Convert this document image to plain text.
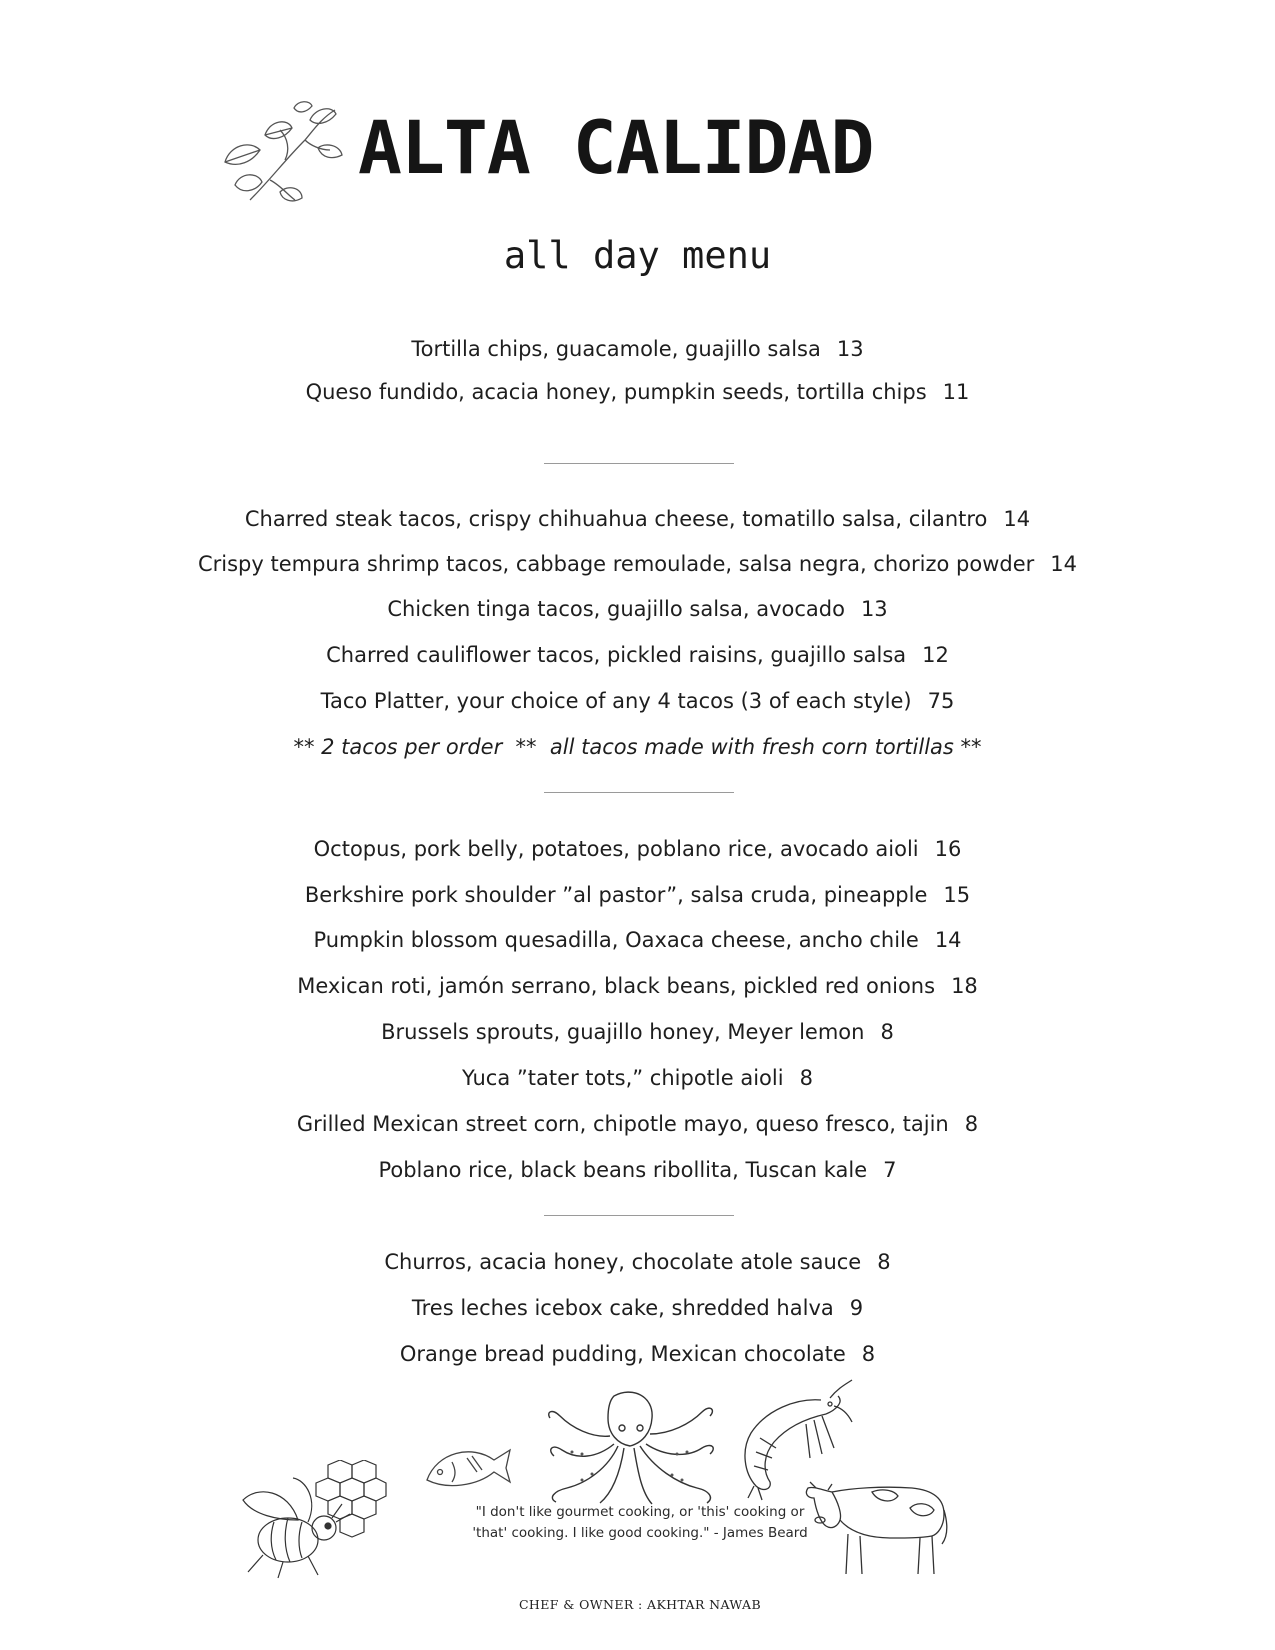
ALTA CALIDAD
all day menu
Tortilla chips, guacamole, guajillo salsa 13
Queso fundido, acacia honey, pumpkin seeds, tortilla chips 11
Charred steak tacos, crispy chihuahua cheese, tomatillo salsa, cilantro 14
Crispy tempura shrimp tacos, cabbage remoulade, salsa negra, chorizo powder 14
Chicken tinga tacos, guajillo salsa, avocado 13
Charred cauliflower tacos, pickled raisins, guajillo salsa 12
Taco Platter, your choice of any 4 tacos (3 of each style) 75
** 2 tacos per order  **  all tacos made with fresh corn tortillas **
Octopus, pork belly, potatoes, poblano rice, avocado aioli 16
Berkshire pork shoulder ”al pastor”, salsa cruda, pineapple 15
Pumpkin blossom quesadilla, Oaxaca cheese, ancho chile 14
Mexican roti, jamón serrano, black beans, pickled red onions 18
Brussels sprouts, guajillo honey, Meyer lemon 8
Yuca ”tater tots,” chipotle aioli 8
Grilled Mexican street corn, chipotle mayo, queso fresco, tajin 8
Poblano rice, black beans ribollita, Tuscan kale 7
Churros, acacia honey, chocolate atole sauce 8
Tres leches icebox cake, shredded halva 9
Orange bread pudding, Mexican chocolate 8
"I don't like gourmet cooking, or 'this' cooking or
'that' cooking. I like good cooking." - James Beard
CHEF & OWNER : AKHTAR NAWAB
